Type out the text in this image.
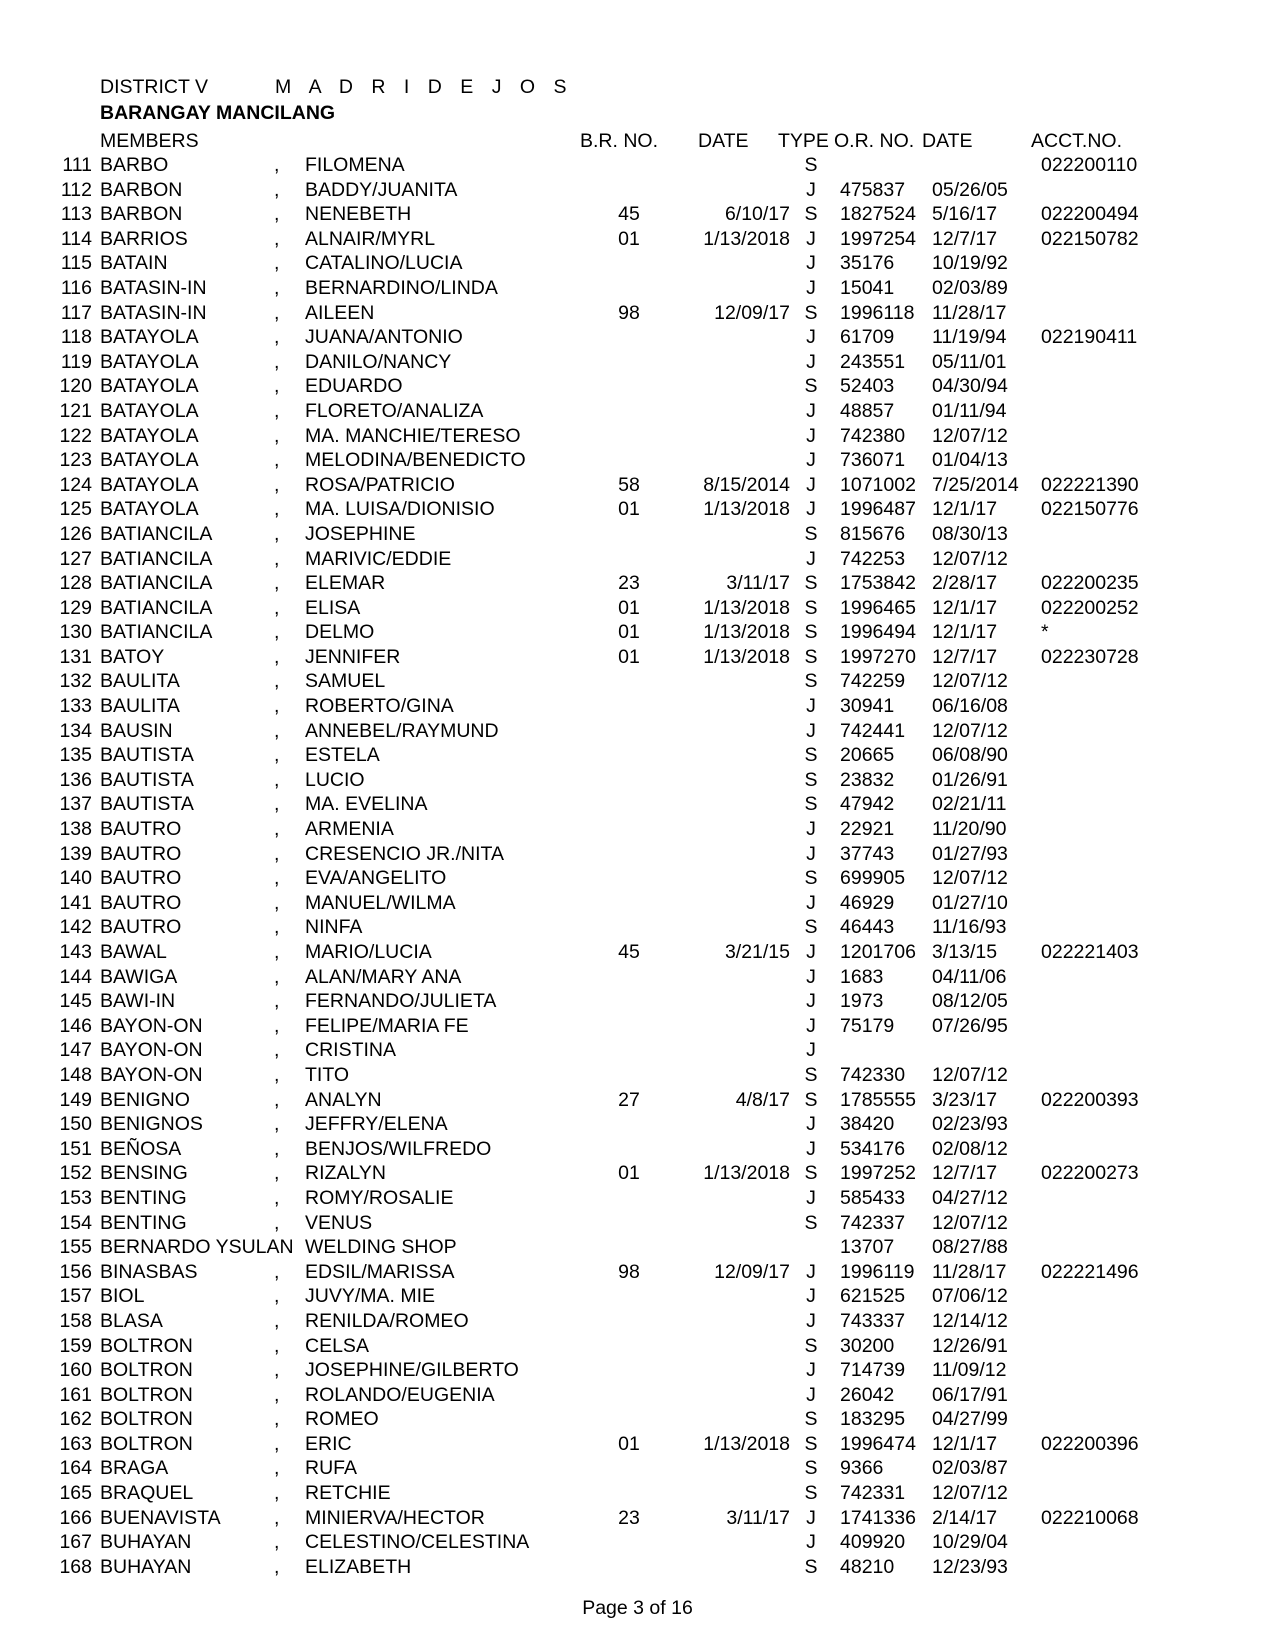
DISTRICT V	M A D R I D E J O S
BARANGAY MANCILANG
MEMBERS	B.R. NO. DATE TYPE O.R. NO. DATE	ACCT.NO.
111 BARBO	, FILOMENA	S	022200110
112 BARBON	, BADDY/JUANITA	J	475837 05/26/05
113 BARBON	, NENEBETH	45	6/10/17 S 1827524 5/16/17 022200494
114 BARRIOS	, ALNAIR/MYRL	01	1/13/2018 J	1997254 12/7/17 022150782
115 BATAIN	, CATALINO/LUCIA	J	35176 10/19/92
116 BATASIN-IN	, BERNARDINO/LINDA	J	15041 02/03/89
117 BATASIN-IN	, AILEEN	98	12/09/17 S 1996118 11/28/17
118 BATAYOLA	, JUANA/ANTONIO	J	61709 11/19/94 022190411
119 BATAYOLA	, DANILO/NANCY	J	243551 05/11/01
120 BATAYOLA	, EDUARDO	S 52403 04/30/94
121 BATAYOLA	, FLORETO/ANALIZA	J	48857 01/11/94
122 BATAYOLA	, MA. MANCHIE/TERESO	J	742380 12/07/12
123 BATAYOLA	, MELODINA/BENEDICTO	J	736071 01/04/13
124 BATAYOLA	, ROSA/PATRICIO	58	8/15/2014 J	1071002 7/25/2014 022221390
125 BATAYOLA	, MA. LUISA/DIONISIO	01	1/13/2018 J	1996487 12/1/17 022150776
126 BATIANCILA	, JOSEPHINE	S 815676 08/30/13
127 BATIANCILA	, MARIVIC/EDDIE	J	742253 12/07/12
128 BATIANCILA	, ELEMAR	23	3/11/17 S 1753842 2/28/17 022200235
129 BATIANCILA	, ELISA	01	1/13/2018 S 1996465 12/1/17 022200252
130 BATIANCILA	, DELMO	01	1/13/2018 S 1996494 12/1/17 *
131 BATOY	, JENNIFER	01	1/13/2018 S 1997270 12/7/17 022230728
132 BAULITA	, SAMUEL	S 742259 12/07/12
133 BAULITA	, ROBERTO/GINA	J	30941 06/16/08
134 BAUSIN	, ANNEBEL/RAYMUND	J	742441 12/07/12
135 BAUTISTA	, ESTELA	S 20665 06/08/90
136 BAUTISTA	, LUCIO	S 23832 01/26/91
137 BAUTISTA	, MA. EVELINA	S 47942 02/21/11
138 BAUTRO	, ARMENIA	J	22921 11/20/90
139 BAUTRO	, CRESENCIO JR./NITA	J	37743 01/27/93
140 BAUTRO	, EVA/ANGELITO	S 699905 12/07/12
141 BAUTRO	, MANUEL/WILMA	J	46929 01/27/10
142 BAUTRO	, NINFA	S 46443 11/16/93
143 BAWAL	, MARIO/LUCIA	45	3/21/15 J	1201706 3/13/15 022221403
144 BAWIGA	, ALAN/MARY ANA	J	1683 04/11/06
145 BAWI-IN	, FERNANDO/JULIETA	J	1973 08/12/05
146 BAYON-ON	, FELIPE/MARIA FE	J	75179 07/26/95
147 BAYON-ON	, CRISTINA	J
148 BAYON-ON	, TITO	S 742330 12/07/12
149 BENIGNO	, ANALYN	27	4/8/17 S 1785555 3/23/17 022200393
150 BENIGNOS	, JEFFRY/ELENA	J	38420 02/23/93
151 BEÑOSA	, BENJOS/WILFREDO	J	534176 02/08/12
152 BENSING	, RIZALYN	01	1/13/2018 S 1997252 12/7/17 022200273
153 BENTING	, ROMY/ROSALIE	J	585433 04/27/12
154 BENTING	, VENUS	S 742337 12/07/12
155 BERNARDO YSULAN WELDING SHOP	13707 08/27/88
156 BINASBAS	, EDSIL/MARISSA	98	12/09/17 J	1996119 11/28/17 022221496
157 BIOL	, JUVY/MA. MIE	J	621525 07/06/12
158 BLASA	, RENILDA/ROMEO	J	743337 12/14/12
159 BOLTRON	, CELSA	S 30200 12/26/91
160 BOLTRON	, JOSEPHINE/GILBERTO	J	714739 11/09/12
161 BOLTRON	, ROLANDO/EUGENIA	J	26042 06/17/91
162 BOLTRON	, ROMEO	S 183295 04/27/99
163 BOLTRON	, ERIC	01	1/13/2018 S 1996474 12/1/17 022200396
164 BRAGA	, RUFA	S 9366 02/03/87
165 BRAQUEL	, RETCHIE	S 742331 12/07/12
166 BUENAVISTA	, MINIERVA/HECTOR	23	3/11/17 J	1741336 2/14/17 022210068
167 BUHAYAN	, CELESTINO/CELESTINA	J	409920 10/29/04
168 BUHAYAN	, ELIZABETH	S 48210 12/23/93
Page 3 of 16
